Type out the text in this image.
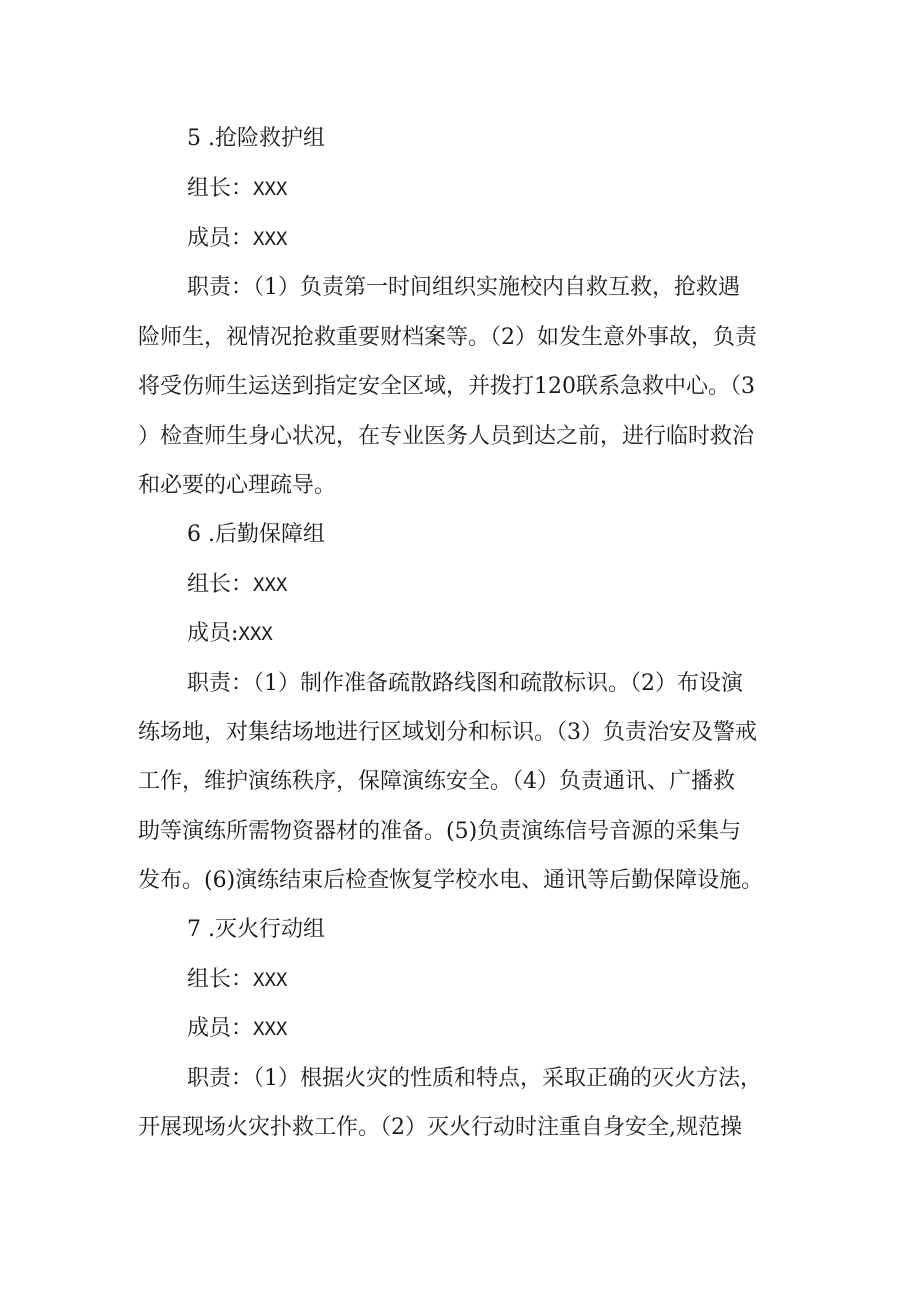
5 .抢险救护组
组长：XXX
成员：XXX
职责：（1）负责第一时间组织实施校内自救互救，抢救遇
险师生，视情况抢救重要财档案等。（2）如发生意外事故，负责
将受伤师生运送到指定安全区域，并拨打120联系急救中心。（3
）检查师生身心状况，在专业医务人员到达之前，进行临时救治
和必要的心理疏导。
6 .后勤保障组
组长：XXX
成员:XXX
职责：（1）制作准备疏散路线图和疏散标识。（2）布设演
练场地，对集结场地进行区域划分和标识。（3）负责治安及警戒
工作，维护演练秩序，保障演练安全。（4）负责通讯、广播救
助等演练所需物资器材的准备。(5)负责演练信号音源的采集与
发布。(6)演练结束后检查恢复学校水电、通讯等后勤保障设施。
7 .灭火行动组
组长：XXX
成员：XXX
职责：（1）根据火灾的性质和特点，采取正确的灭火方法，
开展现场火灾扑救工作。（2）灭火行动时注重自身安全,规范操
